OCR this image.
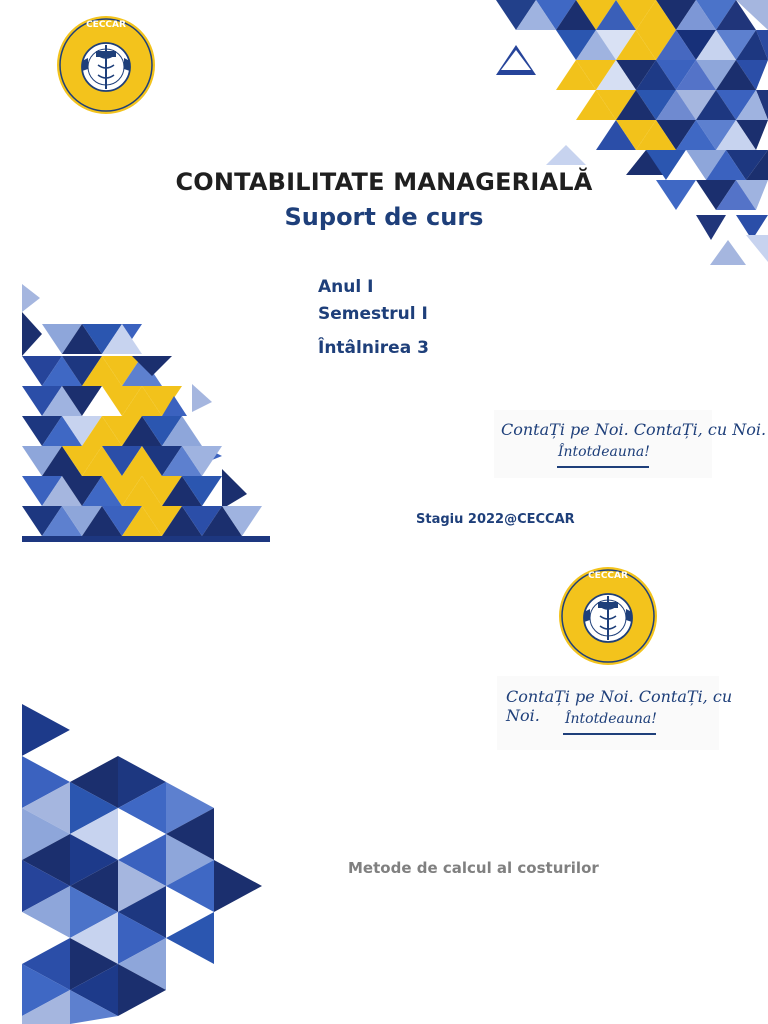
CECCAR
CONTABILITATE MANAGERIALĂ
Suport de curs
Anul I
Semestrul I
Întâlnirea 3
ContaȚi pe Noi. ContaȚi, cu Noi.
Întotdeauna!
Stagiu 2022@CECCAR
CECCAR
ContaȚi pe Noi. ContaȚi, cu Noi.	Întotdeauna!
Metode de calcul al costurilor
